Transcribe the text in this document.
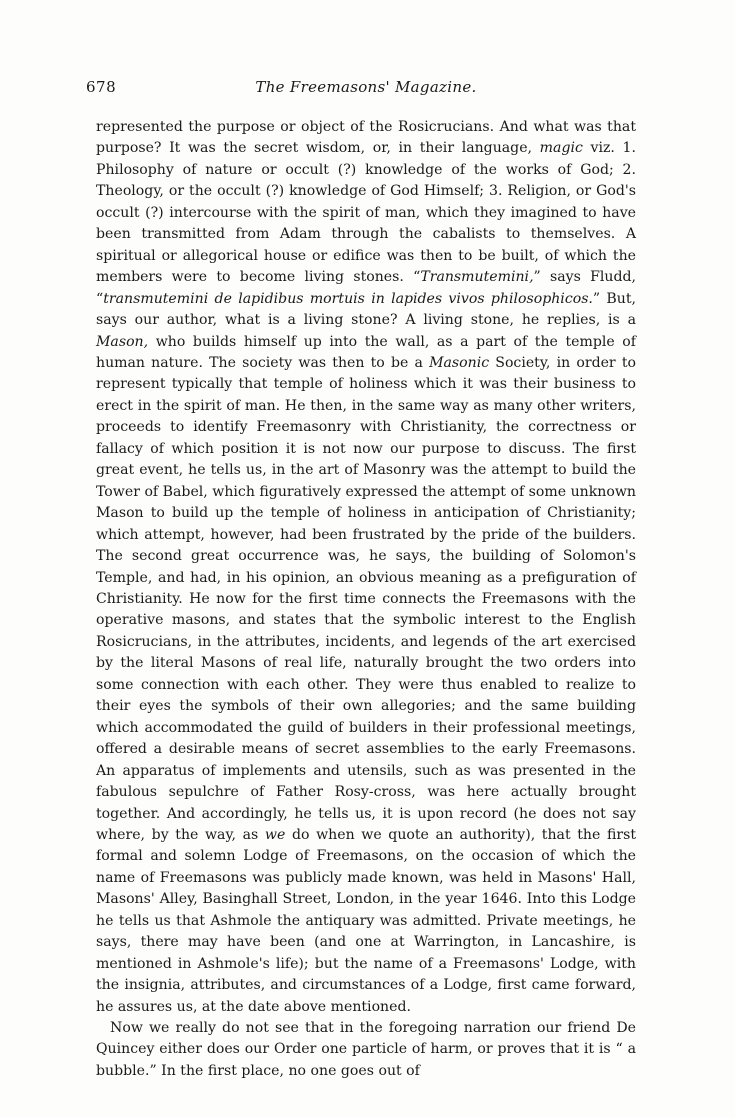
678	The Freemasons' Magazine.

represented the purpose or object of the Rosicrucians. And what was that purpose? It was the secret wisdom, or, in their language, magic viz. 1. Philosophy of nature or occult (?) knowledge of the works of God; 2. Theology, or the occult (?) knowledge of God Himself; 3. Religion, or God's occult (?) intercourse with the spirit of man, which they imagined to have been transmitted from Adam through the cabalists to themselves. A spiritual or allegorical house or edifice was then to be built, of which the members were to become living stones. “Transmutemini,” says Fludd, “transmutemini de lapidibus mortuis in lapides vivos philosophicos.” But, says our author, what is a living stone? A living stone, he replies, is a Mason, who builds himself up into the wall, as a part of the temple of human nature. The society was then to be a Masonic Society, in order to represent typically that temple of holiness which it was their business to erect in the spirit of man. He then, in the same way as many other writers, proceeds to identify Freemasonry with Christianity, the correctness or fallacy of which position it is not now our purpose to discuss. The first great event, he tells us, in the art of Masonry was the attempt to build the Tower of Babel, which figuratively expressed the attempt of some unknown Mason to build up the temple of holiness in anticipation of Christianity; which attempt, however, had been frustrated by the pride of the builders. The second great occurrence was, he says, the building of Solomon's Temple, and had, in his opinion, an obvious meaning as a prefiguration of Christianity. He now for the first time connects the Freemasons with the operative masons, and states that the symbolic interest to the English Rosicrucians, in the attributes, incidents, and legends of the art exercised by the literal Masons of real life, naturally brought the two orders into some connection with each other. They were thus enabled to realize to their eyes the symbols of their own allegories; and the same building which accommodated the guild of builders in their professional meetings, offered a desirable means of secret assemblies to the early Freemasons. An apparatus of implements and utensils, such as was presented in the fabulous sepulchre of Father Rosy-cross, was here actually brought together. And accordingly, he tells us, it is upon record (he does not say where, by the way, as we do when we quote an authority), that the first formal and solemn Lodge of Freemasons, on the occasion of which the name of Freemasons was publicly made known, was held in Masons' Hall, Masons' Alley, Basinghall Street, London, in the year 1646. Into this Lodge he tells us that Ashmole the antiquary was admitted. Private meetings, he says, there may have been (and one at Warrington, in Lancashire, is mentioned in Ashmole's life); but the name of a Freemasons' Lodge, with the insignia, attributes, and circumstances of a Lodge, first came forward, he assures us, at the date above mentioned.

Now we really do not see that in the foregoing narration our friend De Quincey either does our Order one particle of harm, or proves that it is “ a bubble.” In the first place, no one goes out of
